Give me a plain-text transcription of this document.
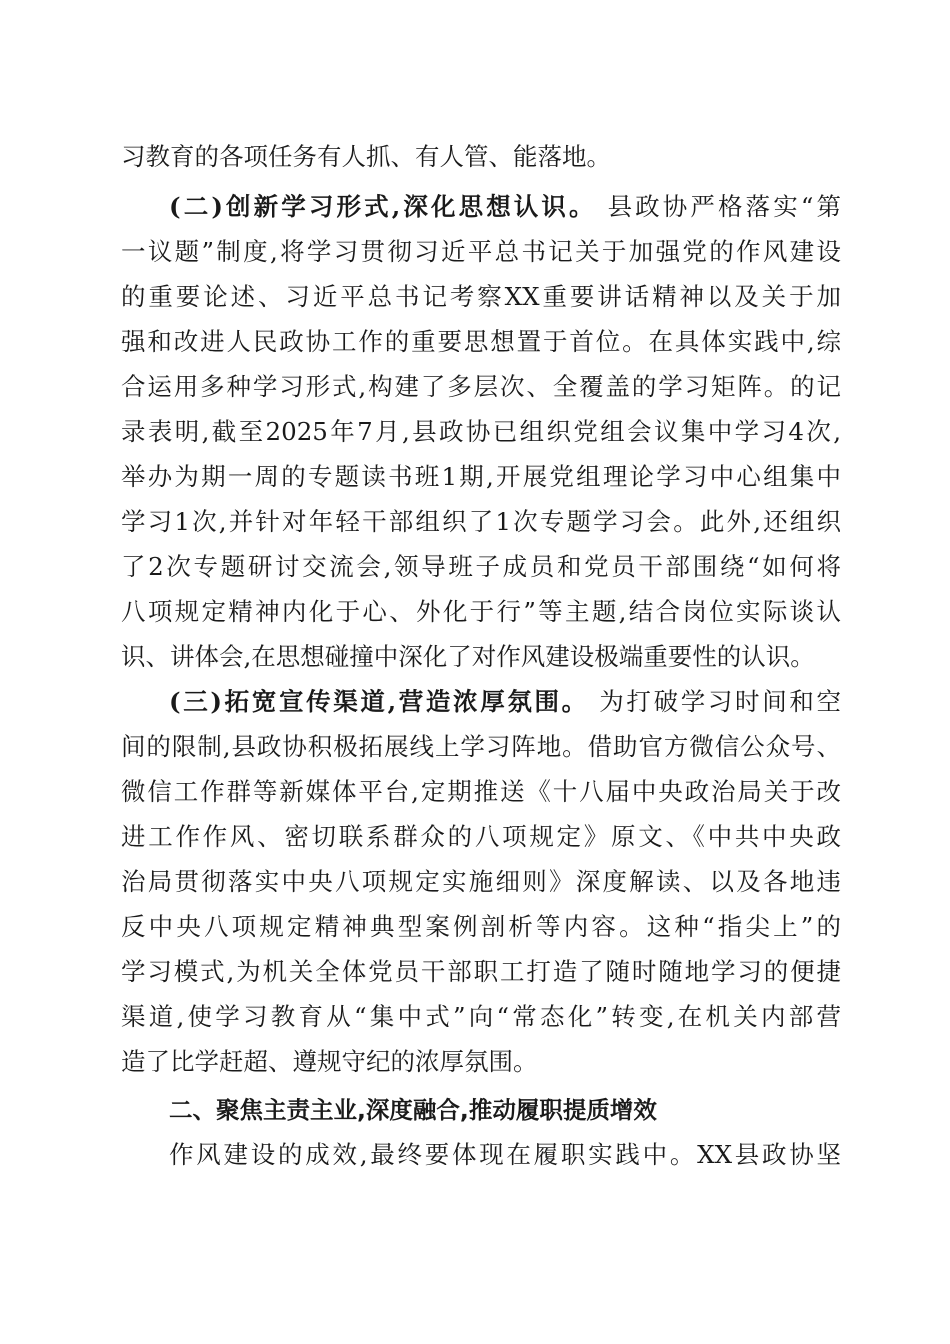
习教育的各项任务有人抓、有人管、能落地。
(二)创新学习形式,深化思想认识。 县政协严格落实“第
一议题”制度,将学习贯彻习近平总书记关于加强党的作风建设
的重要论述、习近平总书记考察XX重要讲话精神以及关于加
强和改进人民政协工作的重要思想置于首位。在具体实践中,综
合运用多种学习形式,构建了多层次、全覆盖的学习矩阵。的记
录表明,截至2025年7月,县政协已组织党组会议集中学习4次,
举办为期一周的专题读书班1期,开展党组理论学习中心组集中
学习1次,并针对年轻干部组织了1次专题学习会。此外,还组织
了2次专题研讨交流会,领导班子成员和党员干部围绕“如何将
八项规定精神内化于心、外化于行”等主题,结合岗位实际谈认
识、讲体会,在思想碰撞中深化了对作风建设极端重要性的认识。
(三)拓宽宣传渠道,营造浓厚氛围。 为打破学习时间和空
间的限制,县政协积极拓展线上学习阵地。借助官方微信公众号、
微信工作群等新媒体平台,定期推送《十八届中央政治局关于改
进工作作风、密切联系群众的八项规定》原文、《中共中央政
治局贯彻落实中央八项规定实施细则》深度解读、以及各地违
反中央八项规定精神典型案例剖析等内容。这种“指尖上”的
学习模式,为机关全体党员干部职工打造了随时随地学习的便捷
渠道,使学习教育从“集中式”向“常态化”转变,在机关内部营
造了比学赶超、遵规守纪的浓厚氛围。
二、聚焦主责主业,深度融合,推动履职提质增效
作风建设的成效,最终要体现在履职实践中。XX县政协坚
